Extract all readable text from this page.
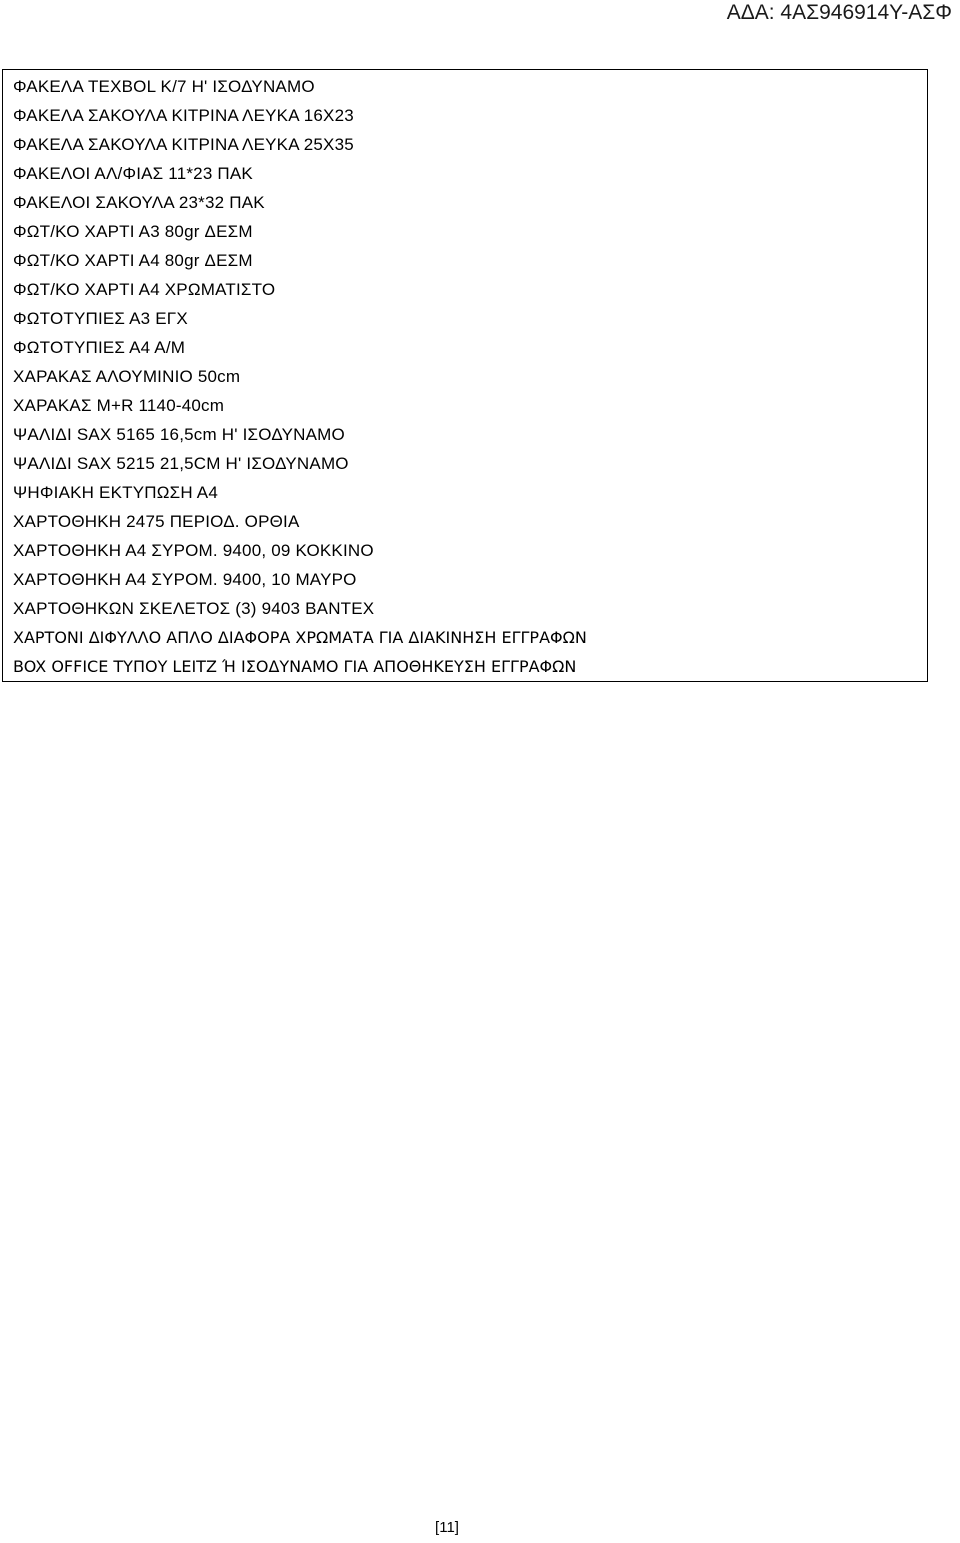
ΑΔΑ: 4ΑΣ946914Υ-ΑΣΦ
ΦΑΚΕΛΑ TEXBOL K/7 H' ΙΣΟΔΥΝΑΜΟ
ΦΑΚΕΛΑ ΣΑΚΟΥΛΑ ΚΙΤΡΙΝΑ ΛΕΥΚΑ 16Χ23
ΦΑΚΕΛΑ ΣΑΚΟΥΛΑ ΚΙΤΡΙΝΑ ΛΕΥΚΑ 25Χ35
ΦΑΚΕΛΟΙ ΑΛ/ΦΙΑΣ 11*23 ΠΑΚ
ΦΑΚΕΛΟΙ ΣΑΚΟΥΛΑ 23*32 ΠΑΚ
ΦΩΤ/ΚΟ ΧΑΡΤΙ Α3 80gr ΔΕΣΜ
ΦΩΤ/ΚΟ ΧΑΡΤΙ Α4 80gr ΔΕΣΜ
ΦΩΤ/ΚΟ ΧΑΡΤΙ Α4 ΧΡΩΜΑΤΙΣΤΟ
ΦΩΤΟΤΥΠΙΕΣ Α3 ΕΓΧ
ΦΩΤΟΤΥΠΙΕΣ Α4 Α/Μ
ΧΑΡΑΚΑΣ ΑΛΟΥΜΙΝΙΟ 50cm
ΧΑΡΑΚΑΣ M+R 1140-40cm
ΨΑΛΙΔΙ SAX 5165 16,5cm Η' ΙΣΟΔΥΝΑΜΟ
ΨΑΛΙΔΙ SAX 5215 21,5CM Η' ΙΣΟΔΥΝΑΜΟ
ΨΗΦΙΑΚΗ ΕΚΤΥΠΩΣΗ Α4
ΧΑΡΤΟΘΗΚΗ 2475 ΠΕΡΙΟΔ. ΟΡΘΙΑ
ΧΑΡΤΟΘΗΚΗ Α4 ΣΥΡΟΜ. 9400, 09 ΚΟΚΚΙΝΟ
ΧΑΡΤΟΘΗΚΗ Α4 ΣΥΡΟΜ. 9400, 10 ΜΑΥΡΟ
ΧΑΡΤΟΘΗΚΩΝ ΣΚΕΛΕΤΟΣ (3) 9403 ΒΑΝΤΕΧ
ΧΑΡΤΟΝΙ ΔΙΦΥΛΛΟ ΑΠΛΟ ΔΙΑΦΟΡΑ ΧΡΩΜΑΤΑ ΓΙΑ ΔΙΑΚΙΝΗΣΗ ΕΓΓΡΑΦΩΝ
BOX OFFICE ΤΥΠΟΥ LEITZ Ή ΙΣΟΔΥΝΑΜΟ ΓΙΑ ΑΠΟΘΗΚΕΥΣΗ ΕΓΓΡΑΦΩΝ
[11]
